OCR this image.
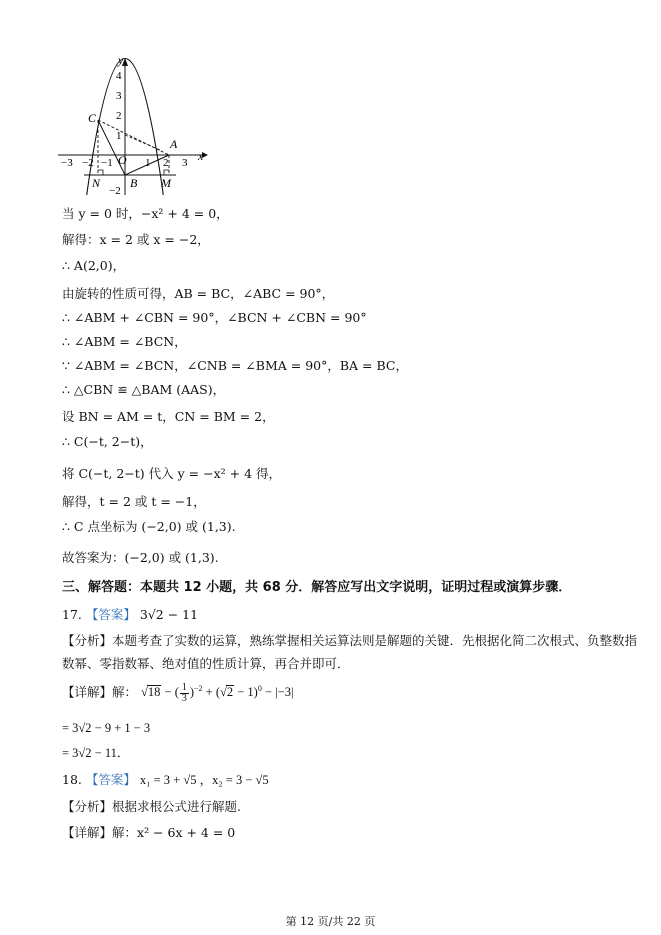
y
x
4
3
2
1
−3 −2 −1	1 2 3
−2
C
A
O
N B M
当 y = 0 时，−x² + 4 = 0，
解得：x = 2 或 x = −2，
∴ A(2,0)，
由旋转的性质可得，AB = BC，∠ABC = 90°，
∴ ∠ABM + ∠CBN = 90°，∠BCN + ∠CBN = 90°
∴ ∠ABM = ∠BCN，
∵ ∠ABM = ∠BCN，∠CNB = ∠BMA = 90°，BA = BC，
∴ △CBN ≌ △BAM (AAS)，
设 BN = AM = t，CN = BM = 2，
∴ C(−t, 2−t)，
将 C(−t, 2−t) 代入 y = −x² + 4 得，
解得，t = 2 或 t = −1，
∴ C 点坐标为 (−2,0) 或 (1,3).
故答案为：(−2,0) 或 (1,3).
三、解答题：本题共 12 小题，共 68 分．解答应写出文字说明，证明过程或演算步骤．
17. 【答案】 3√2 − 11
【分析】本题考查了实数的运算，熟练掌握相关运算法则是解题的关键．先根据化简二次根式、负整数指
数幂、零指数幂、绝对值的性质计算，再合并即可．
【详解】解： √18 − ( $\frac{1}{3} )^{-2} + (√2 - 1)^0 - |-3|$
= 3√2 − 9 + 1 − 3
= 3√2 − 11．
18. 【答案】 x₁ = 3 + √5 ，x₂ = 3 − √5
【分析】根据求根公式进行解题.
【详解】解：x² − 6x + 4 = 0
第 12 页/共 22 页
